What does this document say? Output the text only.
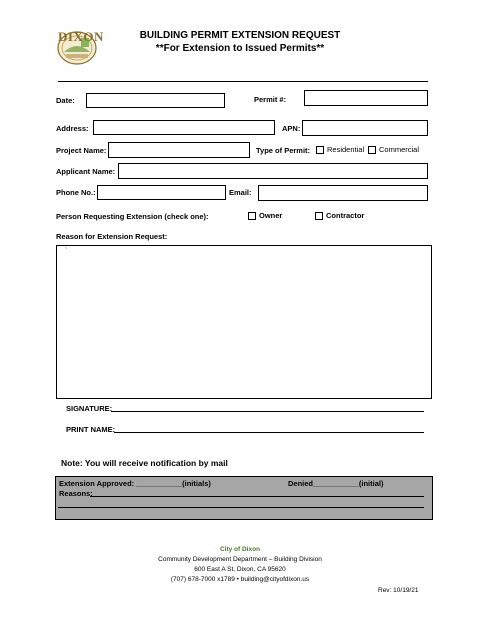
DIXON	BUILDING PERMIT EXTENSION REQUEST
**For Extension to Issued Permits**
Date:	Permit #:
Address:	APN:
Project Name:	Type of Permit:	Residential	Commercial
Applicant Name:
Phone No.:	Email:
Person Requesting Extension (check one):	Owner	Contractor
Reason for Extension Request:
`
SIGNATURE:
PRINT NAME:
Note: You will receive notification by mail
Extension Approved: ___________(initials)	Denied___________(initial)
Reasons:
City of Dixon
Community Development Department – Building Division
600 East A St, Dixon, CA 95620
(707) 678-7000 x1789 • building@cityofdixon.us
Rev: 10/19/21
